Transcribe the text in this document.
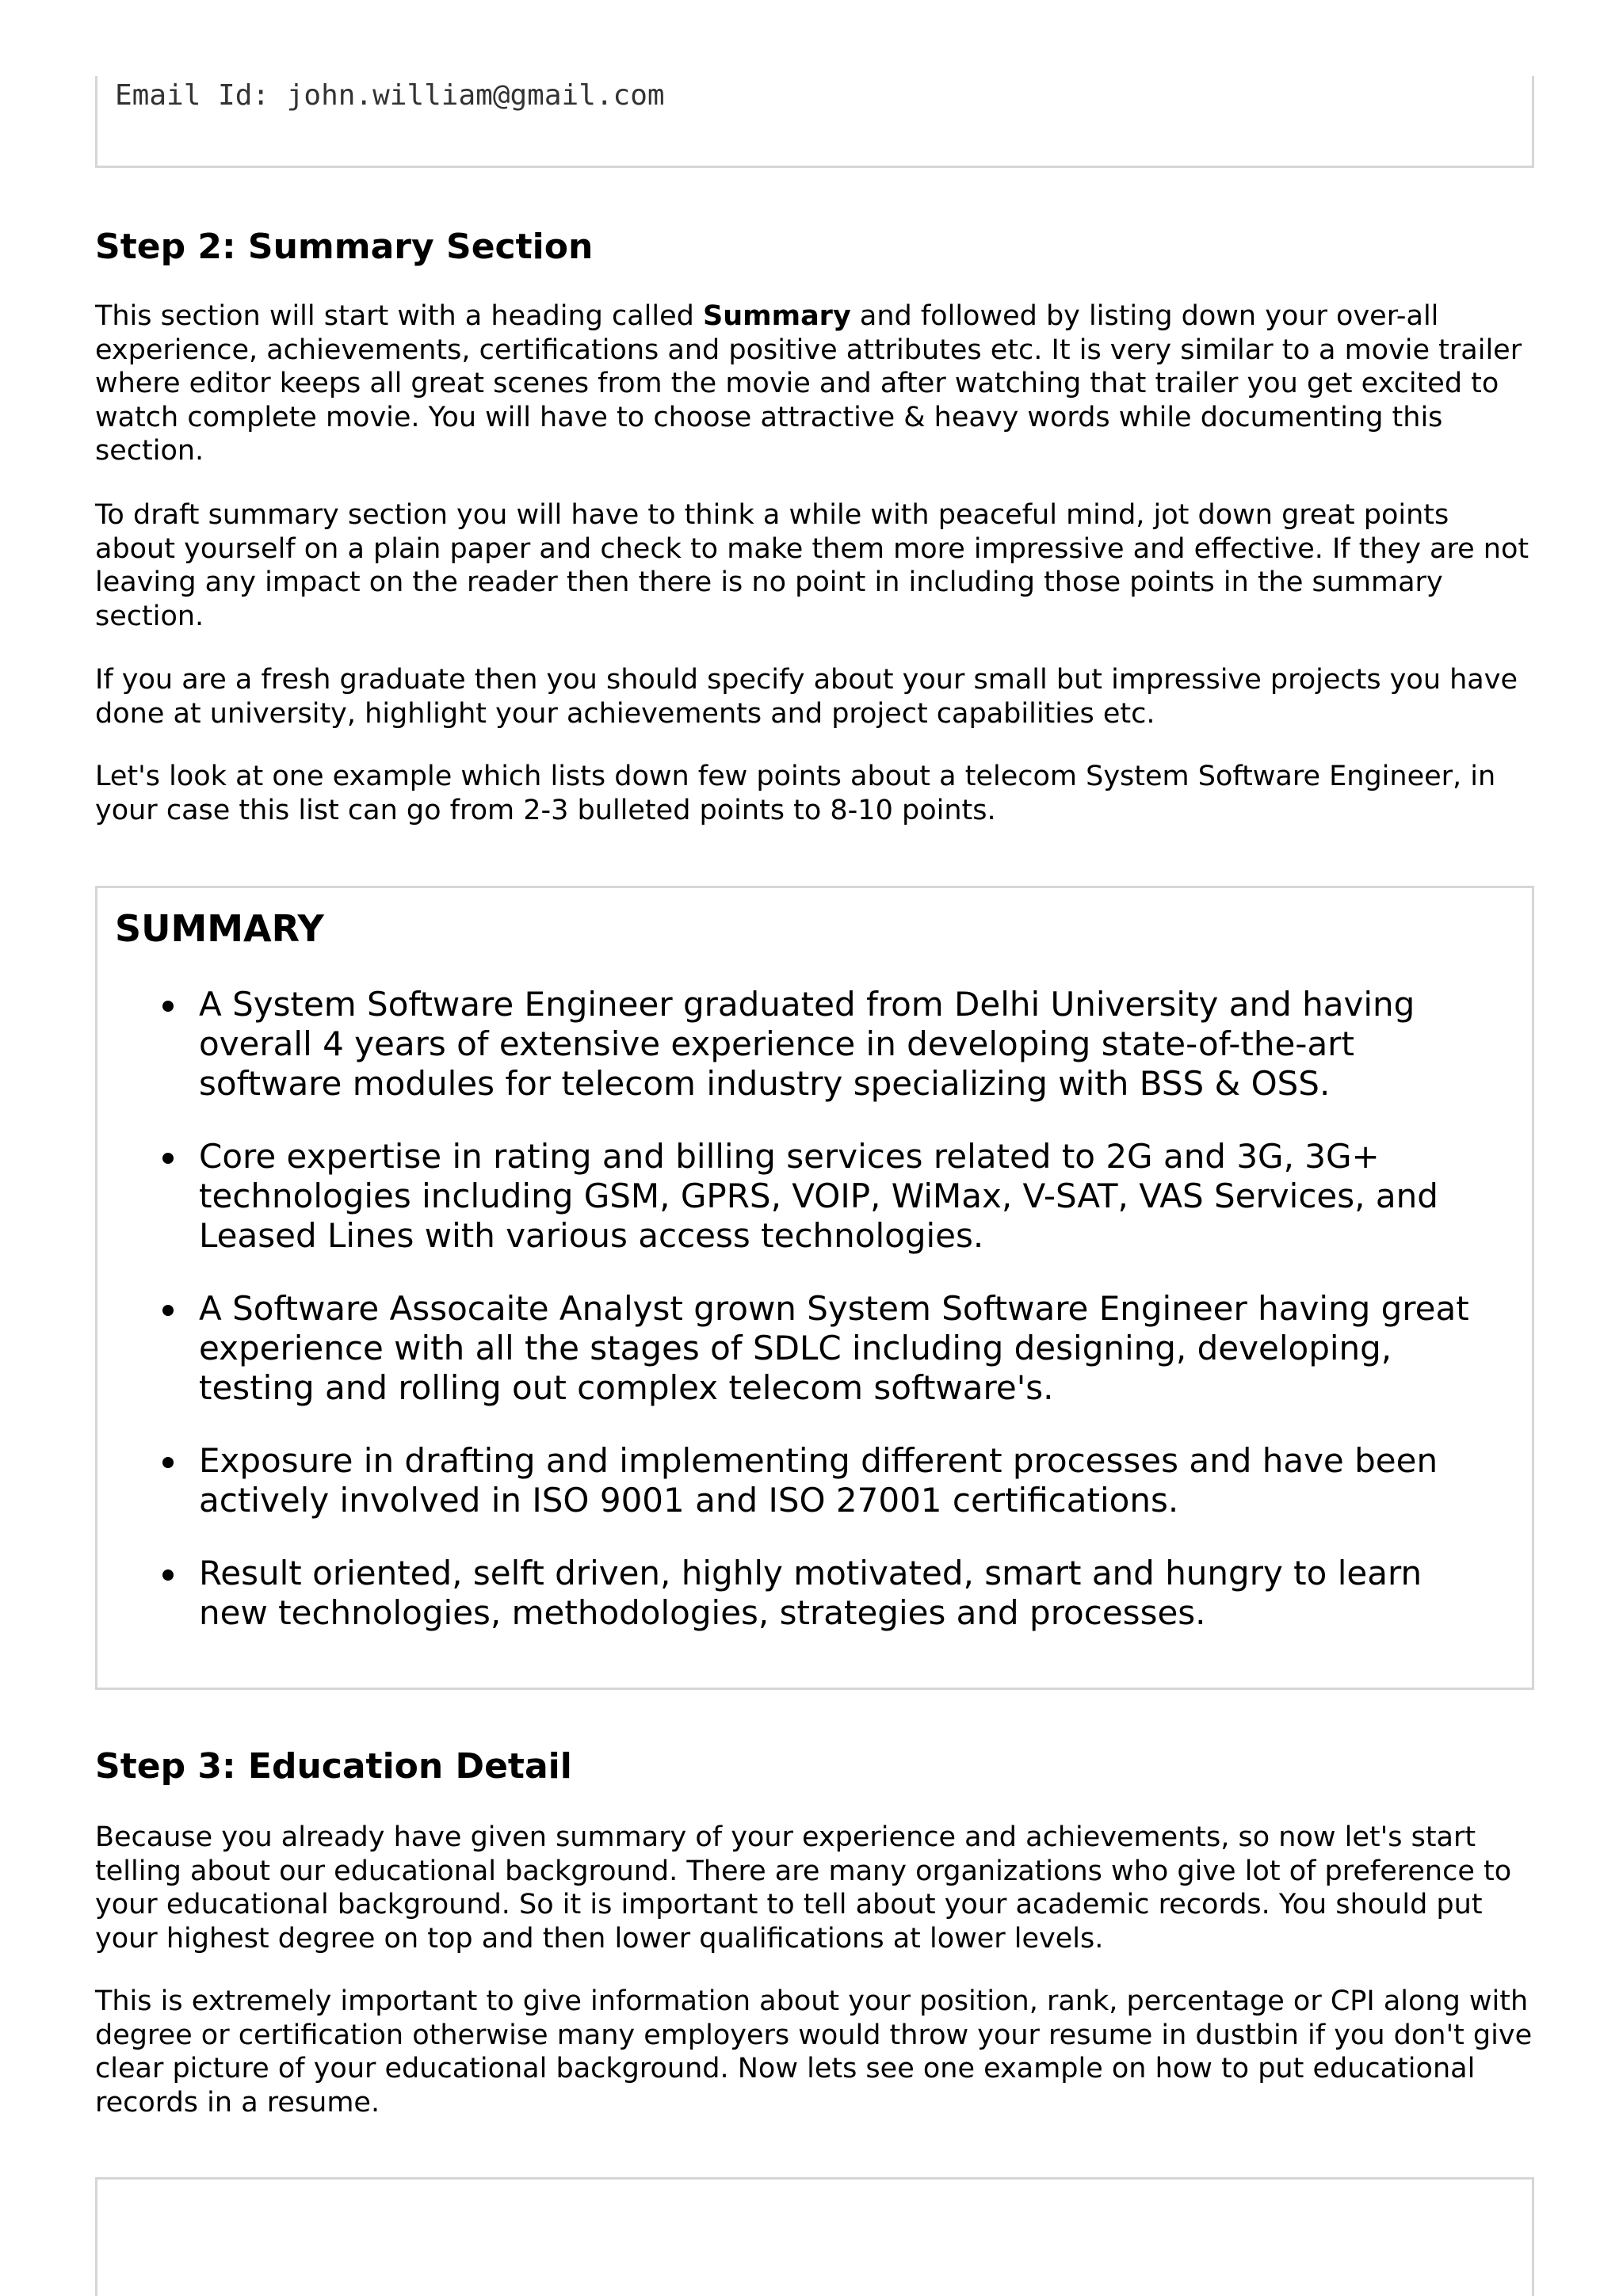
Email Id: john.william@gmail.com
Step 2: Summary Section

This section will start with a heading called Summary and followed by listing down your over-all experience, achievements, certifications and positive attributes etc. It is very similar to a movie trailer where editor keeps all great scenes from the movie and after watching that trailer you get excited to watch complete movie. You will have to choose attractive & heavy words while documenting this section.

To draft summary section you will have to think a while with peaceful mind, jot down great points about yourself on a plain paper and check to make them more impressive and effective. If they are not leaving any impact on the reader then there is no point in including those points in the summary section.

If you are a fresh graduate then you should specify about your small but impressive projects you have done at university, highlight your achievements and project capabilities etc.

Let's look at one example which lists down few points about a telecom System Software Engineer, in your case this list can go from 2-3 bulleted points to 8-10 points.

SUMMARY
A System Software Engineer graduated from Delhi University and having overall 4 years of extensive experience in developing state-of-the-art software modules for telecom industry specializing with BSS & OSS.
Core expertise in rating and billing services related to 2G and 3G, 3G+ technologies including GSM, GPRS, VOIP, WiMax, V-SAT, VAS Services, and Leased Lines with various access technologies.
A Software Assocaite Analyst grown System Software Engineer having great experience with all the stages of SDLC including designing, developing, testing and rolling out complex telecom software's.
Exposure in drafting and implementing different processes and have been actively involved in ISO 9001 and ISO 27001 certifications.
Result oriented, selft driven, highly motivated, smart and hungry to learn new technologies, methodologies, strategies and processes.
Step 3: Education Detail

Because you already have given summary of your experience and achievements, so now let's start telling about our educational background. There are many organizations who give lot of preference to your educational background. So it is important to tell about your academic records. You should put your highest degree on top and then lower qualifications at lower levels.

This is extremely important to give information about your position, rank, percentage or CPI along with degree or certification otherwise many employers would throw your resume in dustbin if you don't give clear picture of your educational background. Now lets see one example on how to put educational records in a resume.
